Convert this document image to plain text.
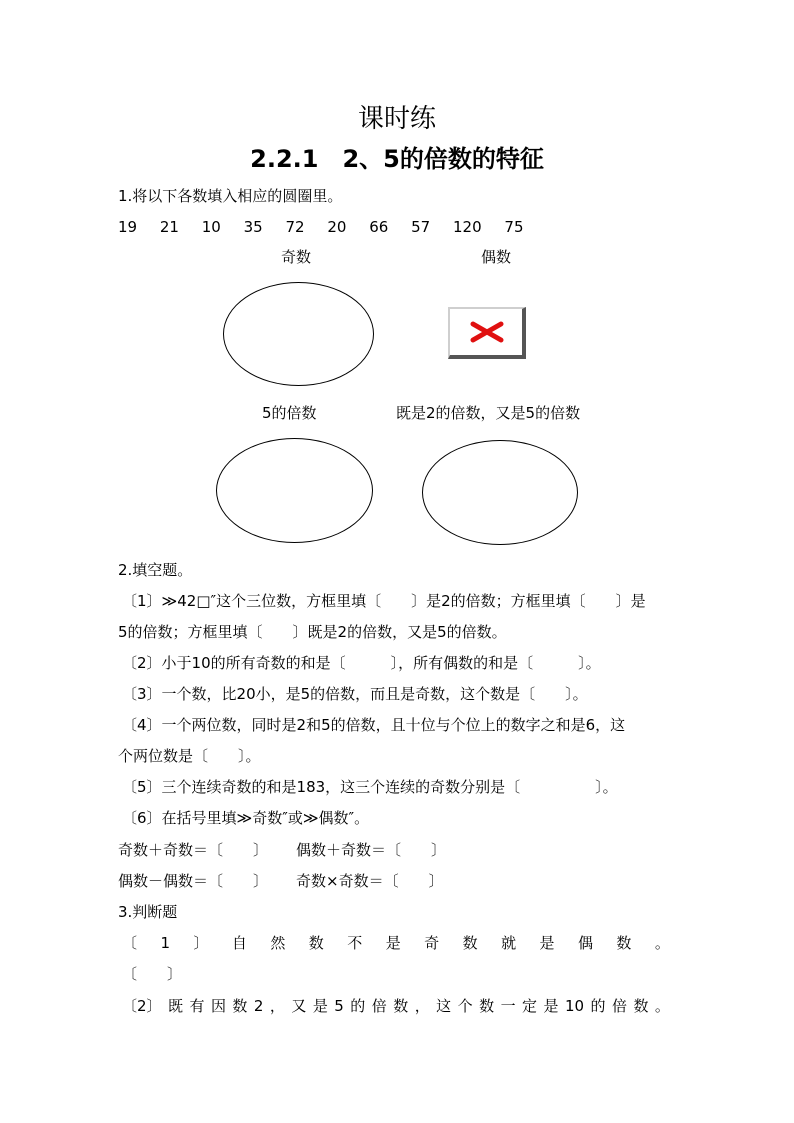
课时练
2.2.1　2、5的倍数的特征
1.将以下各数填入相应的圆圈里。
19 21 10 35 72 20 66 57 120 75
奇数	偶数
5的倍数	既是2的倍数，又是5的倍数
2.填空题。
〔1〕≫42□″这个三位数，方框里填〔　　〕是2的倍数；方框里填〔　　〕是
5的倍数；方框里填〔　　〕既是2的倍数，又是5的倍数。
〔2〕小于10的所有奇数的和是〔　　　〕，所有偶数的和是〔　　　〕。
〔3〕一个数，比20小，是5的倍数，而且是奇数，这个数是〔　　〕。
〔4〕一个两位数，同时是2和5的倍数，且十位与个位上的数字之和是6，这
个两位数是〔　　〕。
〔5〕三个连续奇数的和是183，这三个连续的奇数分别是〔　　　　　〕。
〔6〕在括号里填≫奇数″或≫偶数″。
奇数＋奇数＝〔　　〕 偶数＋奇数＝〔　　〕
偶数－偶数＝〔　　〕 奇数×奇数＝〔　　〕
3.判断题
〔 1 〕 自 然 数 不 是 奇 数 就 是 偶 数 。
〔　　〕
〔2〕 既 有 因 数 2 ， 又 是 5 的 倍 数 ， 这 个 数 一 定 是 10 的 倍 数 。
